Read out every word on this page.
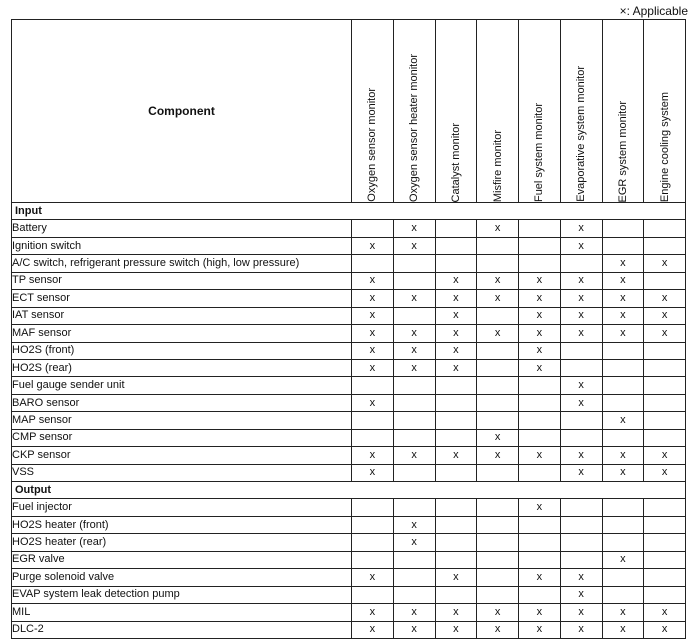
×: Applicable
Component	Oxygen sensor monitor	Oxygen sensor heater monitor	Catalyst monitor	Misfire monitor	Fuel system monitor	Evaporative system monitor	EGR system monitor	Engine cooling system

Input								
Battery		x		x		x		
Ignition switch	x	x				x		
A/C switch, refrigerant pressure switch (high, low pressure)							x	x
TP sensor	x		x	x	x	x	x	
ECT sensor	x	x	x	x	x	x	x	x
IAT sensor	x		x		x	x	x	x
MAF sensor	x	x	x	x	x	x	x	x
HO2S (front)	x	x	x		x			
HO2S (rear)	x	x	x		x			
Fuel gauge sender unit						x		
BARO sensor	x					x		
MAP sensor							x	
CMP sensor				x				
CKP sensor	x	x	x	x	x	x	x	x
VSS	x					x	x	x
Output								
Fuel injector					x			
HO2S heater (front)		x						
HO2S heater (rear)		x						
EGR valve							x	
Purge solenoid valve	x		x		x	x		
EVAP system leak detection pump						x		
MIL	x	x	x	x	x	x	x	x
DLC-2	x	x	x	x	x	x	x	x
